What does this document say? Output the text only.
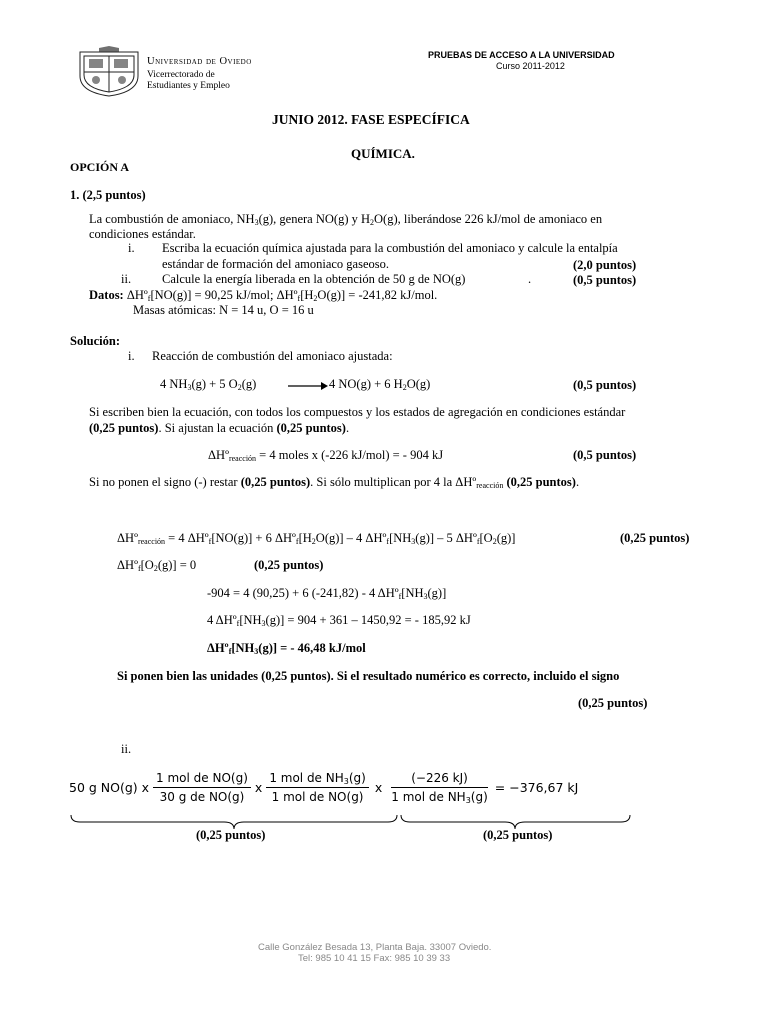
Universidad de Oviedo
Vicerrectorado de
Estudiantes y Empleo
PRUEBAS DE ACCESO A LA UNIVERSIDAD
Curso 2011-2012
JUNIO 2012. FASE ESPECÍFICA
QUÍMICA.
OPCIÓN A
1. (2,5 puntos)
La combustión de amoniaco, $NH_3(g)$, genera NO(g) y $H_2O(g)$, liberándose 226 kJ/mol de amoniaco en
condiciones estándar.
i. Escriba la ecuación química ajustada para la combustión del amoniaco y calcule la entalpía
estándar de formación del amoniaco gaseoso.	(2,0 puntos)
ii. Calcule la energía liberada en la obtención de 50 g de NO(g)	.	(0,5 puntos)
Datos: ΔHº$_f$[NO(g)] = 90,25 kJ/mol; $\Delta Hº_f[H_2O(g)] = -241,82$ kJ/mol.
Masas atómicas: N = 14 u, O = 16 u
Solución:
i. Reacción de combustión del amoniaco ajustada:
4 $NH_3(g) + 5$ $O_2(g)$	→ 4 NO(g) + 6 $H_2O(g)$	(0,5 puntos)
Si escriben bien la ecuación, con todos los compuestos y los estados de agregación en condiciones estándar
(0,25 puntos). Si ajustan la ecuación (0,25 puntos).
ΔHº$_{reacción}$ = 4 moles x (-226 kJ/mol) = - 904 kJ	(0,5 puntos)
Si no ponen el signo (-) restar (0,25 puntos). Si sólo multiplican por 4 la ΔHº$_{reacción}$ (0,25 puntos).
ΔHº$_{reacción}$ = 4 ΔHº$_f$[NO(g)] + 6 $\Delta Hº_f[H_2O(g)] - 4$ $\Delta Hº_f[NH_3(g)] - 5$ $\Delta Hº_f[O_2(g)]$	(0,25 puntos)
$\Delta Hº_f[O_2(g)] = 0$	(0,25 puntos)
-904 = 4 (90,25) + 6 (-241,82) - 4 $\Delta Hº_f[NH_3(g)]$
4 $\Delta Hº_f[NH_3(g)] = 904 + 361 - 1450,92$ = - 185,92 kJ
$\Delta Hº_f[NH_3(g)]$ = - 46,48 kJ/mol
Si ponen bien las unidades (0,25 puntos). Si el resultado numérico es correcto, incluido el signo
(0,25 puntos)
ii.
50 g NO(g) x $\frac{\text{1 mol de NO(g)}}{\text{30 g de NO(g)}}$ x $\frac{1 mol de NH_3(g)}{\text{1 mol de NO(g)}}$ x $\frac{(-226 kJ)}{1 mol de NH_3(g)} = -376,67$ kJ
(0,25 puntos)	(0,25 puntos)
Calle González Besada 13, Planta Baja. 33007 Oviedo.
Tel: 985 10 41 15 Fax: 985 10 39 33
